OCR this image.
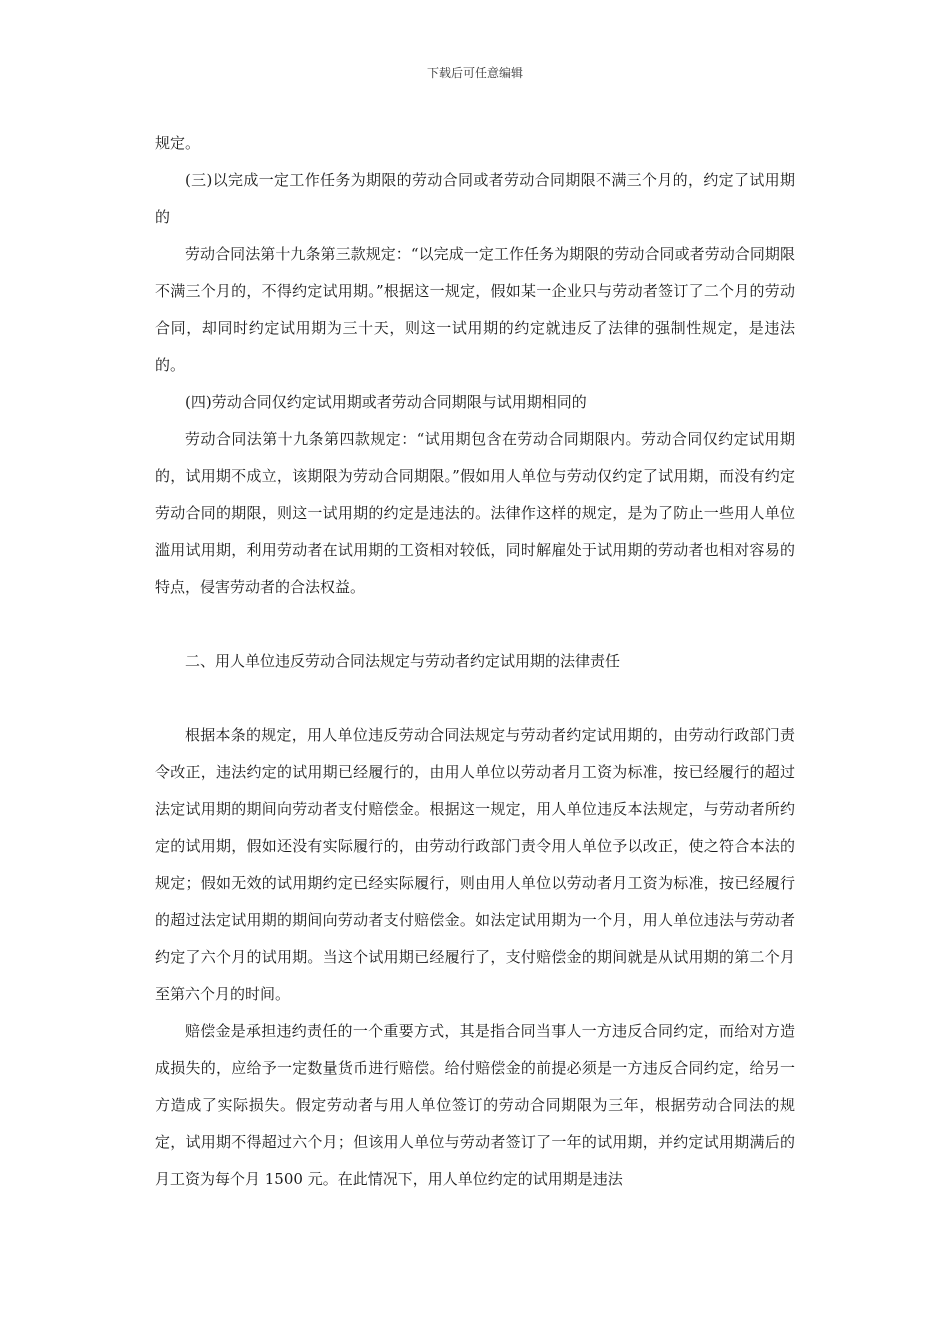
下载后可任意编辑

规定。

(三)以完成一定工作任务为期限的劳动合同或者劳动合同期限不满三个月的，约定了试用期的

劳动合同法第十九条第三款规定：“以完成一定工作任务为期限的劳动合同或者劳动合同期限不满三个月的，不得约定试用期。”根据这一规定，假如某一企业只与劳动者签订了二个月的劳动合同，却同时约定试用期为三十天，则这一试用期的约定就违反了法律的强制性规定，是违法的。

(四)劳动合同仅约定试用期或者劳动合同期限与试用期相同的

劳动合同法第十九条第四款规定：“试用期包含在劳动合同期限内。劳动合同仅约定试用期的，试用期不成立，该期限为劳动合同期限。”假如用人单位与劳动仅约定了试用期，而没有约定劳动合同的期限，则这一试用期的约定是违法的。法律作这样的规定，是为了防止一些用人单位滥用试用期，利用劳动者在试用期的工资相对较低，同时解雇处于试用期的劳动者也相对容易的特点，侵害劳动者的合法权益。

二、用人单位违反劳动合同法规定与劳动者约定试用期的法律责任

根据本条的规定，用人单位违反劳动合同法规定与劳动者约定试用期的，由劳动行政部门责令改正，违法约定的试用期已经履行的，由用人单位以劳动者月工资为标准，按已经履行的超过法定试用期的期间向劳动者支付赔偿金。根据这一规定，用人单位违反本法规定，与劳动者所约定的试用期，假如还没有实际履行的，由劳动行政部门责令用人单位予以改正，使之符合本法的规定；假如无效的试用期约定已经实际履行，则由用人单位以劳动者月工资为标准，按已经履行的超过法定试用期的期间向劳动者支付赔偿金。如法定试用期为一个月，用人单位违法与劳动者约定了六个月的试用期。当这个试用期已经履行了，支付赔偿金的期间就是从试用期的第二个月至第六个月的时间。

赔偿金是承担违约责任的一个重要方式，其是指合同当事人一方违反合同约定，而给对方造成损失的，应给予一定数量货币进行赔偿。给付赔偿金的前提必须是一方违反合同约定，给另一方造成了实际损失。假定劳动者与用人单位签订的劳动合同期限为三年，根据劳动合同法的规定，试用期不得超过六个月；但该用人单位与劳动者签订了一年的试用期，并约定试用期满后的月工资为每个月 1500 元。在此情况下，用人单位约定的试用期是违法
